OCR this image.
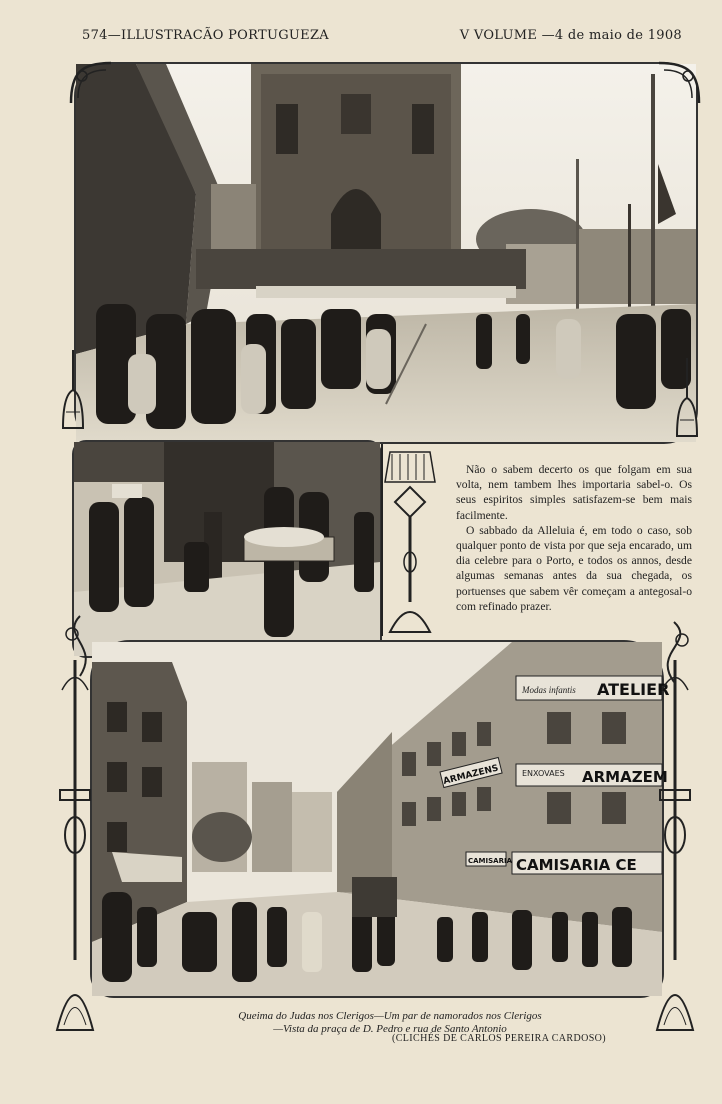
574—ILLUSTRACÃO PORTUGUEZA	V VOLUME —4 de maio de 1908

Não o sabem decerto os que folgam em sua volta, nem tambem lhes importaria sabel-o. Os seus espiritos simples satisfazem-se bem mais facilmente.

O sabbado da Alleluia é, em todo o caso, sob qualquer ponto de vista por que seja encarado, um dia celebre para o Porto, e todos os annos, desde algumas semanas antes da sua chegada, os portuenses que sabem vêr começam a antegosal-o com refinado prazer.

Modas infantis ATELIER
ENXOVAES ARMAZEM
ARMAZENS
CAMISARIA CE
CAMISARIA
Queima do Judas nos Clerigos—Um par de namorados nos Clerigos
—Vista da praça de D. Pedro e rua de Santo Antonio
(CLICHÉS DE CARLOS PEREIRA CARDOSO)
